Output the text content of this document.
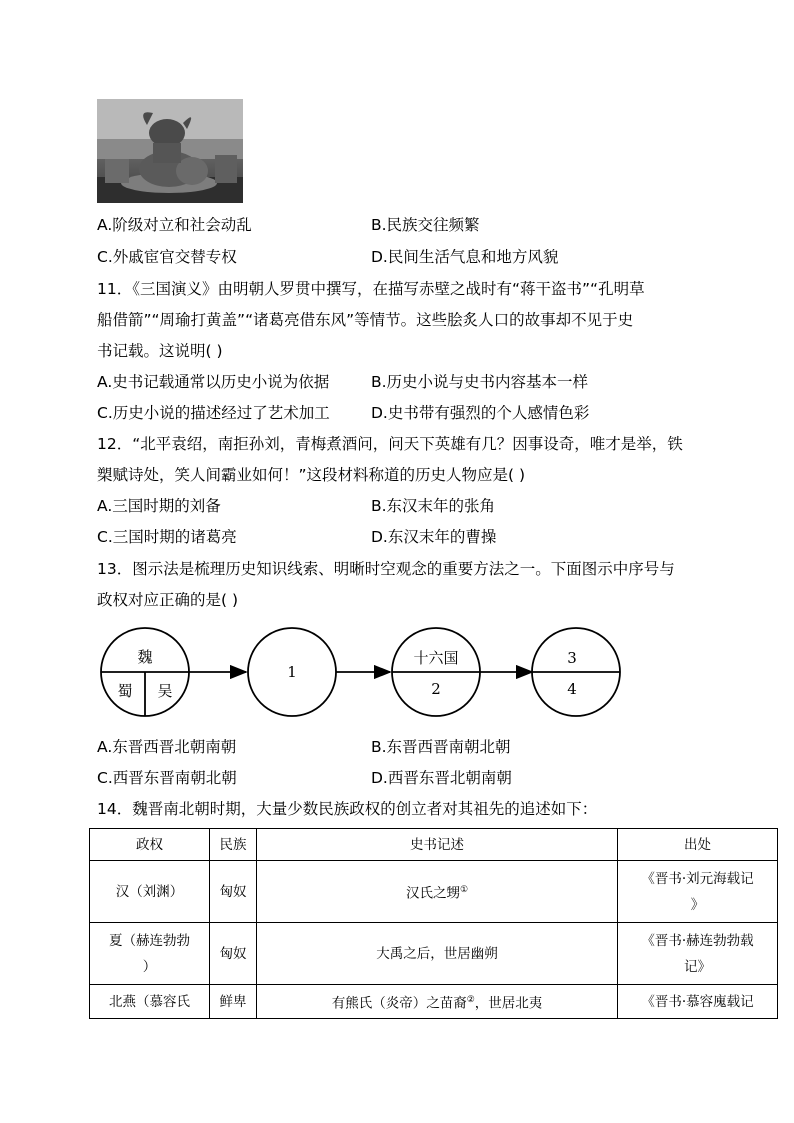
A.阶级对立和社会动乱	B.民族交往频繁
C.外戚宦官交替专权	D.民间生活气息和地方风貌
11．《三国演义》由明朝人罗贯中撰写，在描写赤壁之战时有“蒋干盗书”“孔明草
船借箭”“周瑜打黄盖”“诸葛亮借东风”等情节。这些脍炙人口的故事却不见于史
书记载。这说明( )
A.史书记载通常以历史小说为依据	B.历史小说与史书内容基本一样
C.历史小说的描述经过了艺术加工	D.史书带有强烈的个人感情色彩
12．“北平袁绍，南拒孙刘，青梅煮酒问，问天下英雄有几？因事设奇，唯才是举，铁
槊赋诗处，笑人间霸业如何！”这段材料称道的历史人物应是( )
A.三国时期的刘备	B.东汉末年的张角
C.三国时期的诸葛亮	D.东汉末年的曹操
13．图示法是梳理历史知识线索、明晰时空观念的重要方法之一。下面图示中序号与
政权对应正确的是( )
魏
蜀 吴
1
十六国
2
3
4
A.东晋西晋北朝南朝	B.东晋西晋南朝北朝
C.西晋东晋南朝北朝	D.西晋东晋北朝南朝
14．魏晋南北朝时期，大量少数民族政权的创立者对其祖先的追述如下：
政权	民族	史书记述	出处
汉（刘渊）	匈奴	汉氏之甥①	《晋书·刘元海载记
》
夏（赫连勃勃
）	匈奴	大禹之后，世居幽朔	《晋书·赫连勃勃载
记》
北燕（慕容氏	鲜卑	有熊氏（炎帝）之苗裔②，世居北夷	《晋书·慕容廆载记
